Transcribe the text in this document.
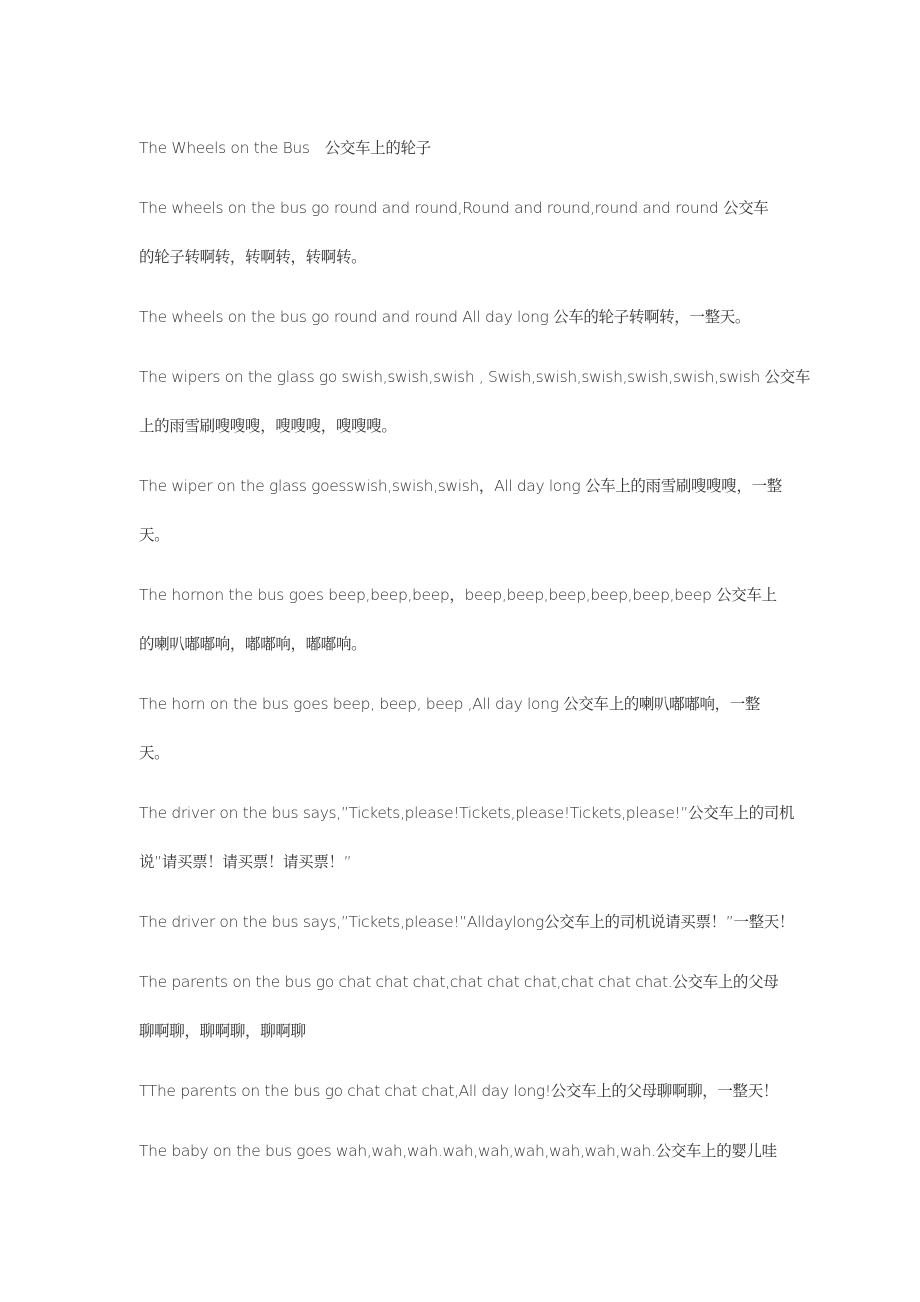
The Wheels on the Bus　公交车上的轮子
The wheels on the bus go round and round,Round and round,round and round 公交车
的轮子转啊转，转啊转，转啊转。
The wheels on the bus go round and round All day long 公车的轮子转啊转，一整天。
The wipers on the glass go swish,swish,swish , Swish,swish,swish,swish,swish,swish 公交车
上的雨雪刷嗖嗖嗖，嗖嗖嗖，嗖嗖嗖。
The wiper on the glass goesswish,swish,swish，All day long 公车上的雨雪刷嗖嗖嗖，一整
天。
The hornon the bus goes beep,beep,beep，beep,beep,beep,beep,beep,beep 公交车上
的喇叭嘟嘟响，嘟嘟响，嘟嘟响。
The horn on the bus goes beep, beep, beep ,All day long 公交车上的喇叭嘟嘟响，一整
天。
The driver on the bus says,”Tickets,please!Tickets,please!Tickets,please!”公交车上的司机
说”请买票！请买票！请买票！”
The driver on the bus says,”Tickets,please!”Alldaylong公交车上的司机说请买票！”一整天！
The parents on the bus go chat chat chat,chat chat chat,chat chat chat.公交车上的父母
聊啊聊，聊啊聊，聊啊聊
TThe parents on the bus go chat chat chat,All day long!公交车上的父母聊啊聊，一整天！
The baby on the bus goes wah,wah,wah.wah,wah,wah,wah,wah,wah.公交车上的婴儿哇
